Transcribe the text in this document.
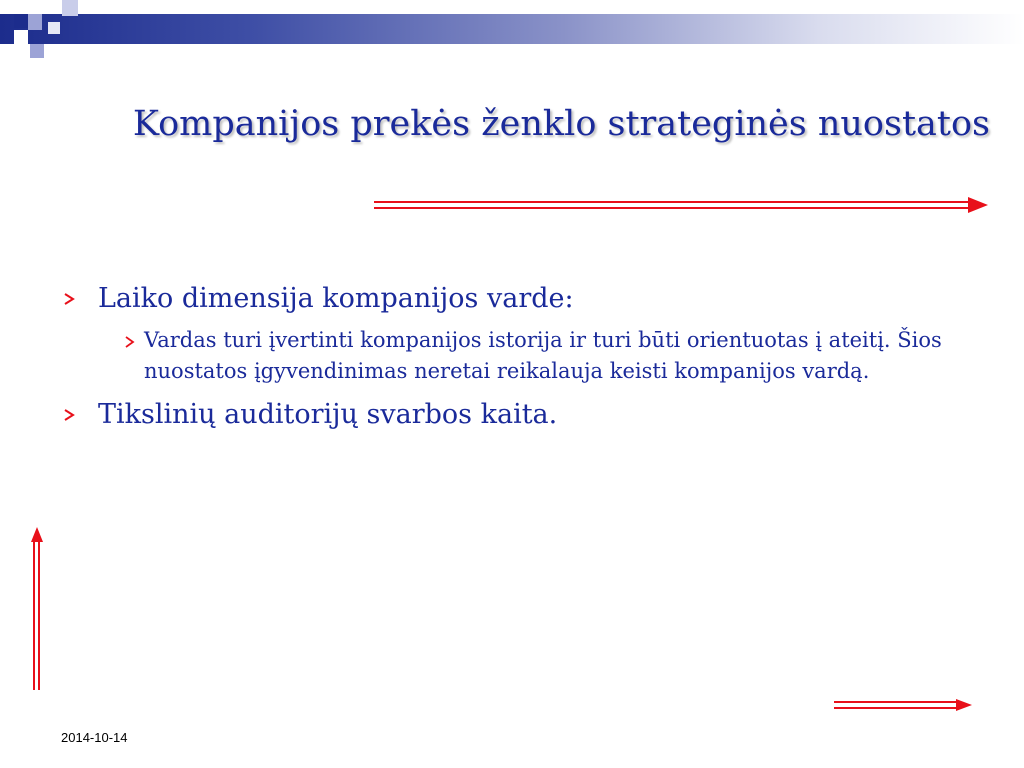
Kompanijos prekės ženklo strateginės nuostatos
Laiko dimensija kompanijos varde:
Vardas turi įvertinti kompanijos istorija ir turi būti orientuotas į ateitį. Šios nuostatos įgyvendinimas neretai reikalauja keisti kompanijos vardą.
Tikslinių auditorijų svarbos kaita.
2014-10-14
